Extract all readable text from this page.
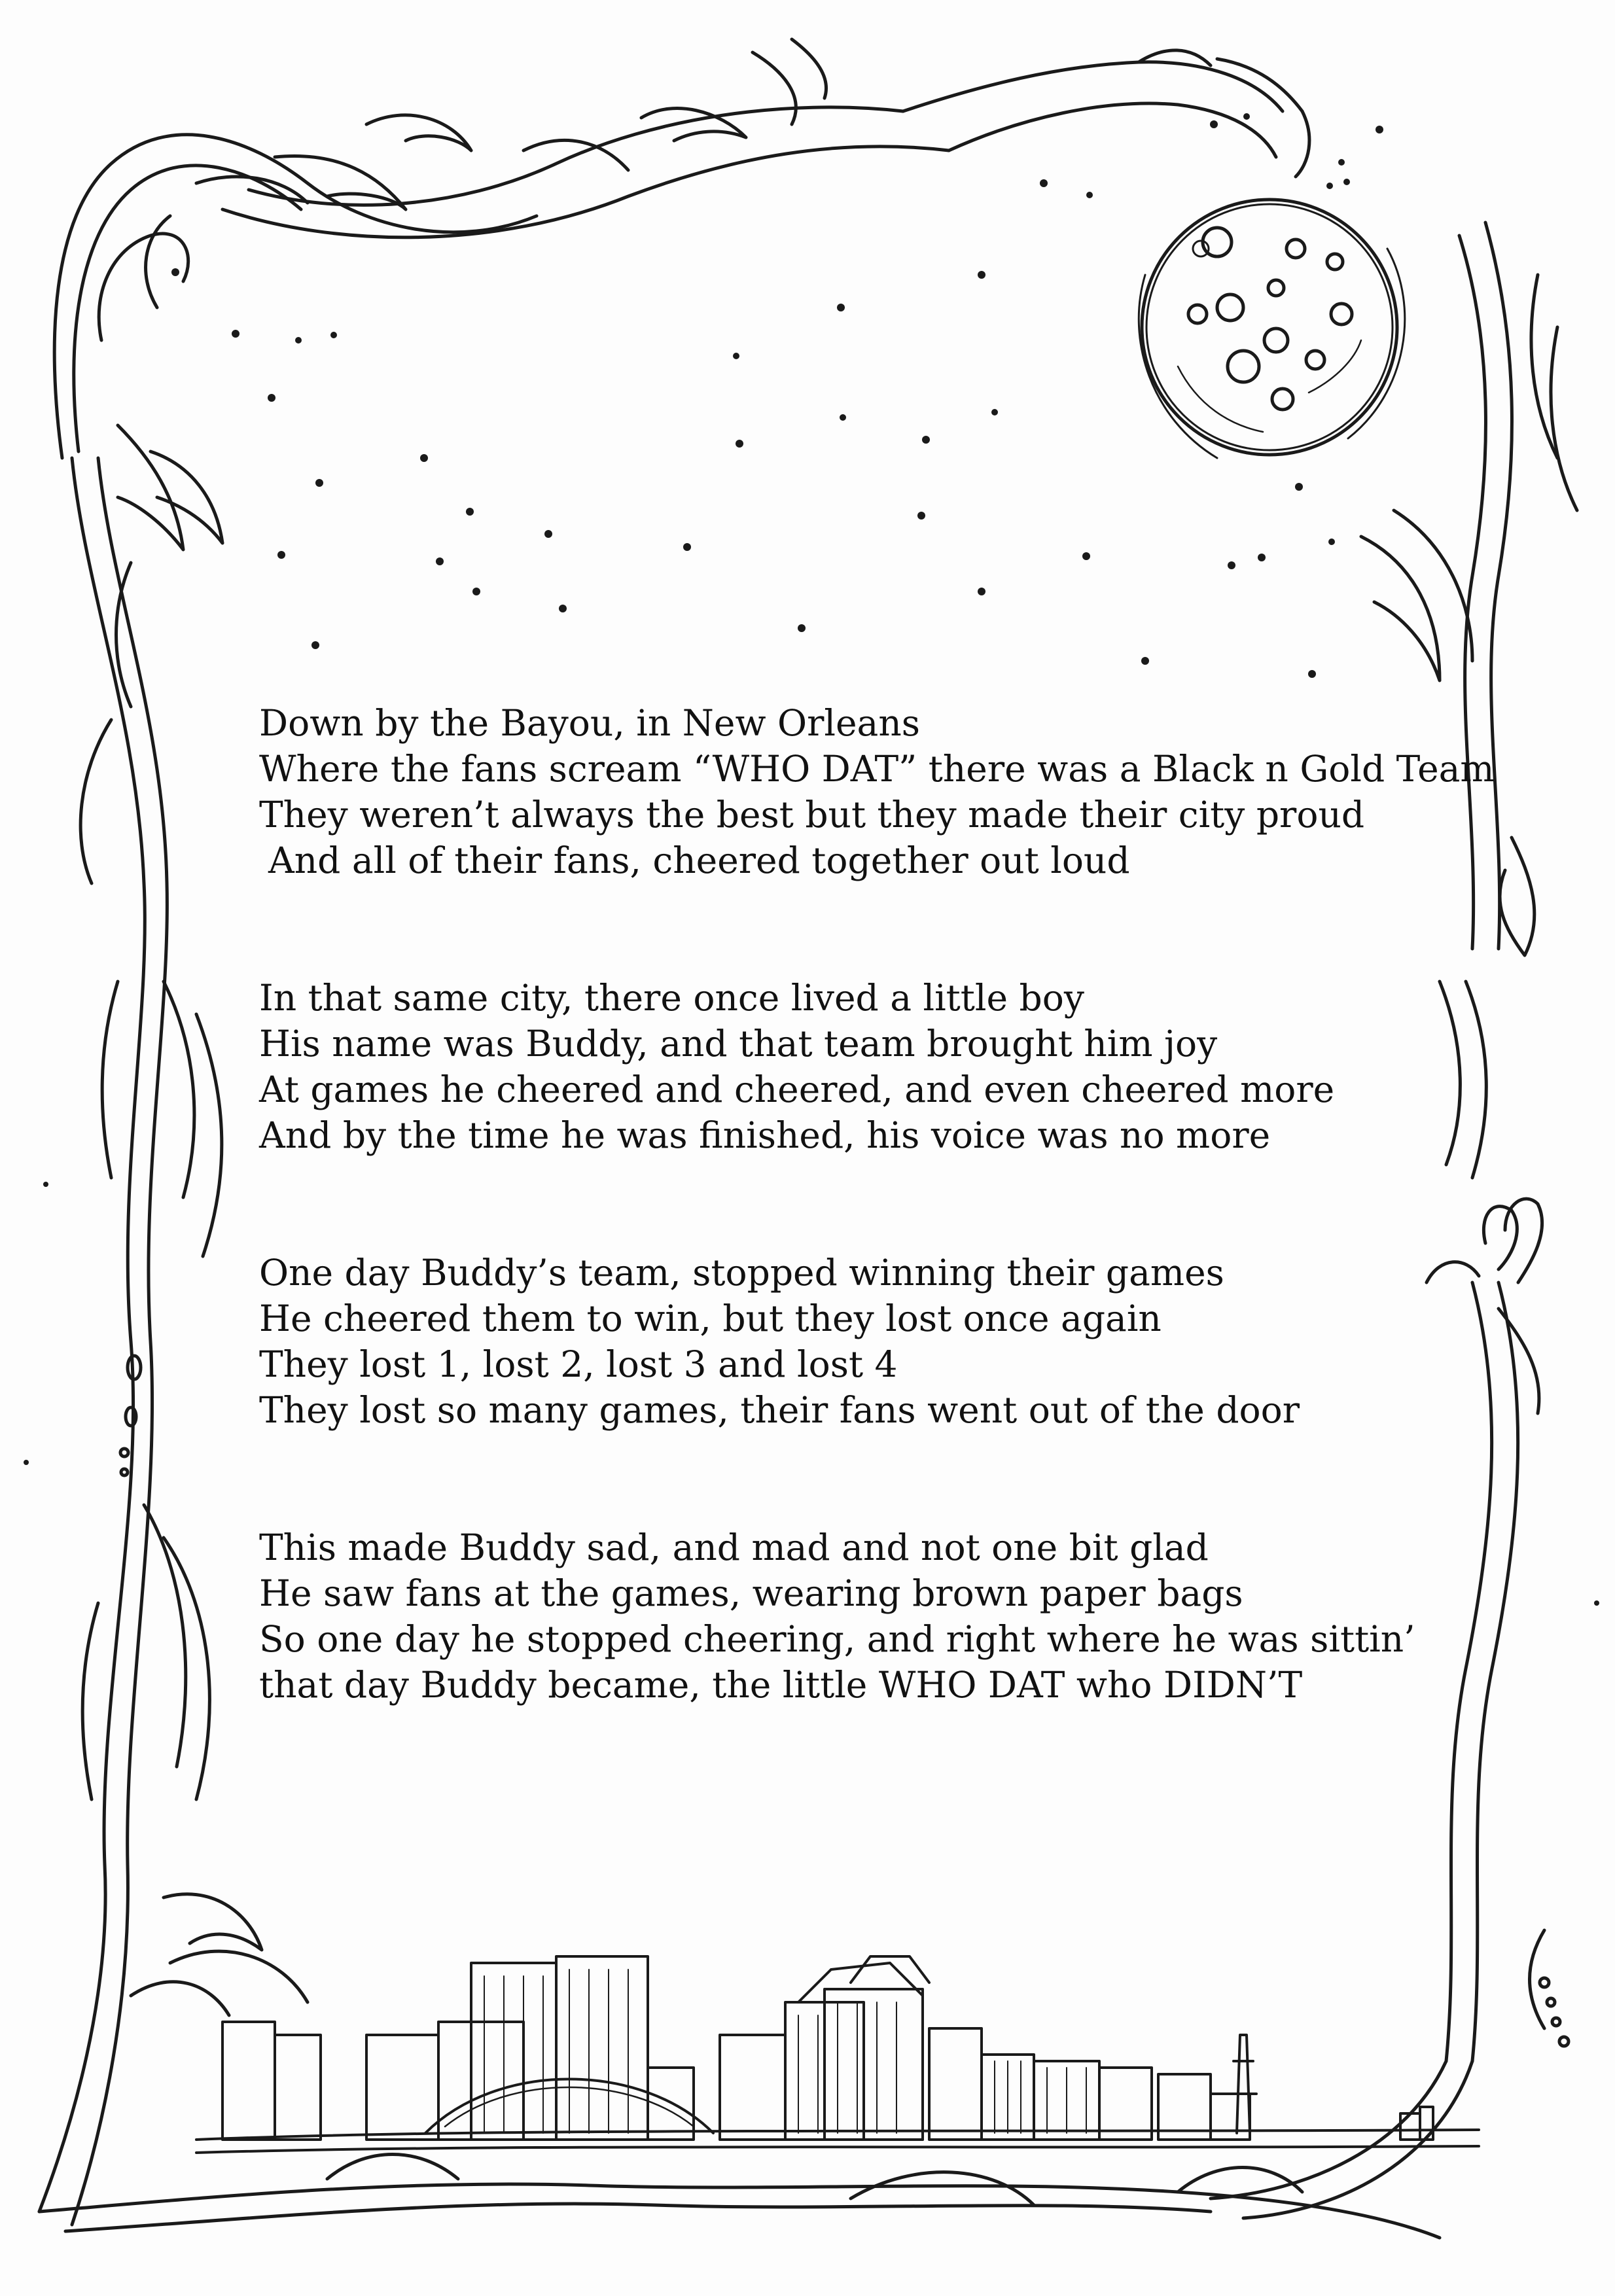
Down by the Bayou, in New Orleans
Where the fans scream “WHO DAT” there was a Black n Gold Team
They weren’t always the best but they made their city proud
And all of their fans, cheered together out loud
In that same city, there once lived a little boy
His name was Buddy, and that team brought him joy
At games he cheered and cheered, and even cheered more
And by the time he was finished, his voice was no more
One day Buddy’s team, stopped winning their games
He cheered them to win, but they lost once again
They lost 1, lost 2, lost 3 and lost 4
They lost so many games, their fans went out of the door
This made Buddy sad, and mad and not one bit glad
He saw fans at the games, wearing brown paper bags
So one day he stopped cheering, and right where he was sittin’
that day Buddy became, the little WHO DAT who DIDN’T
